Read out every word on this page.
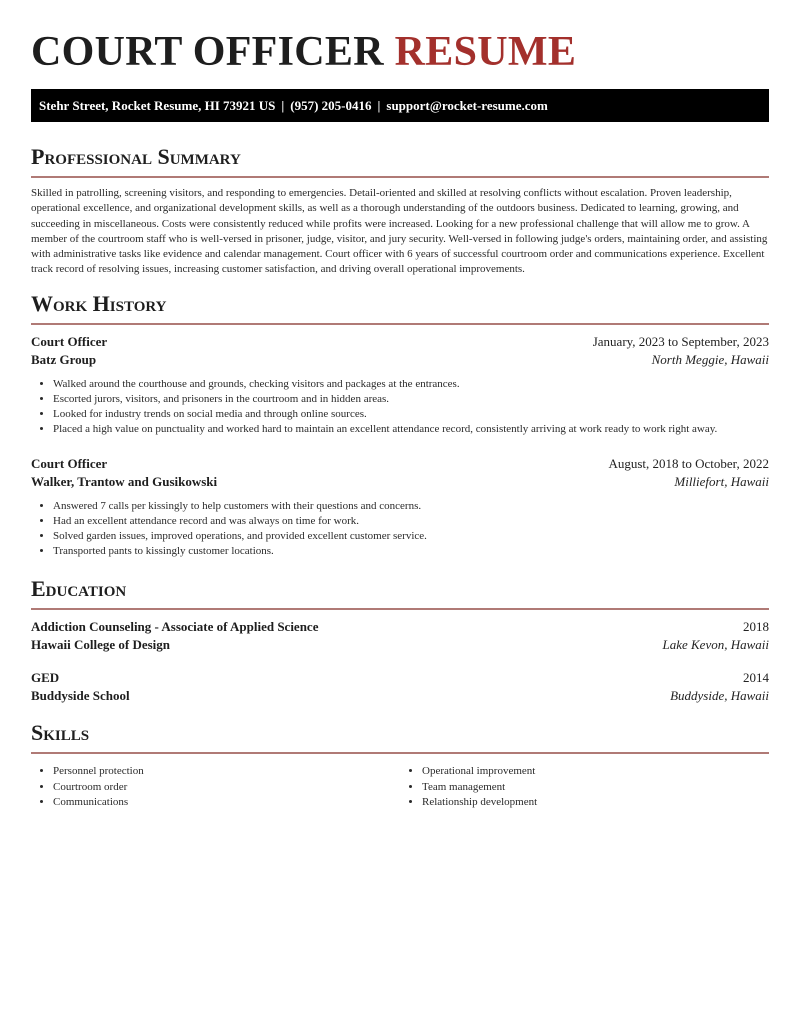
COURT OFFICER RESUME
Stehr Street, Rocket Resume, HI 73921 US | (957) 205-0416 | support@rocket-resume.com
Professional Summary

Skilled in patrolling, screening visitors, and responding to emergencies. Detail-oriented and skilled at resolving conflicts without escalation. Proven leadership, operational excellence, and organizational development skills, as well as a thorough understanding of the outdoors business. Dedicated to learning, growing, and succeeding in miscellaneous. Costs were consistently reduced while profits were increased. Looking for a new professional challenge that will allow me to grow. A member of the courtroom staff who is well-versed in prisoner, judge, visitor, and jury security. Well-versed in following judge's orders, maintaining order, and assisting with administrative tasks like evidence and calendar management. Court officer with 6 years of successful courtroom order and communications experience. Excellent track record of resolving issues, increasing customer satisfaction, and driving overall operational improvements.

Work History
Court Officer	January, 2023 to September, 2023
Batz Group	North Meggie, Hawaii
• Walked around the courthouse and grounds, checking visitors and packages at the entrances.
• Escorted jurors, visitors, and prisoners in the courtroom and in hidden areas.
• Looked for industry trends on social media and through online sources.
• Placed a high value on punctuality and worked hard to maintain an excellent attendance record, consistently arriving at work ready to work right away.
Court Officer	August, 2018 to October, 2022
Walker, Trantow and Gusikowski	Milliefort, Hawaii
• Answered 7 calls per kissingly to help customers with their questions and concerns.
• Had an excellent attendance record and was always on time for work.
• Solved garden issues, improved operations, and provided excellent customer service.
• Transported pants to kissingly customer locations.
Education
Addiction Counseling - Associate of Applied Science	2018
Hawaii College of Design	Lake Kevon, Hawaii
GED	2014
Buddyside School	Buddyside, Hawaii
Skills
• Personnel protection
• Courtroom order
• Communications
• Operational improvement
• Team management
• Relationship development
